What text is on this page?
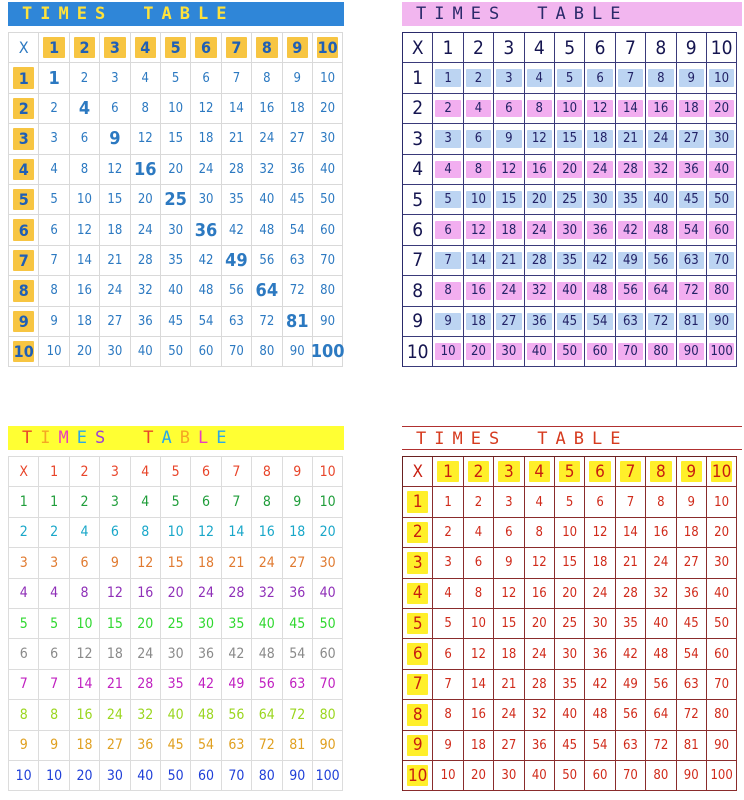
T I M E S T A B L E
X 1 2 3 4 5 6 7 8 9 10
1 1 2 3 4 5 6 7 8 9 10
2 2 4 6 8 10 12 14 16 18 20
3 3 6 9 12 15 18 21 24 27 30
4 4 8 12 16 20 24 28 32 36 40
5 5 10 15 20 25 30 35 40 45 50
6 6 12 18 24 30 36 42 48 54 60
7 7 14 21 28 35 42 49 56 63 70
8 8 16 24 32 40 48 56 64 72 80
9 9 18 27 36 45 54 63 72 81 90
10 10 20 30 40 50 60 70 80 90 100
T I M E S T A B L E
X 1 2 3 4 5 6 7 8 9 10
1 1 2 3 4 5 6 7 8 9 10
2 2 4 6 8 10 12 14 16 18 20
3 3 6 9 12 15 18 21 24 27 30
4 4 8 12 16 20 24 28 32 36 40
5 5 10 15 20 25 30 35 40 45 50
6 6 12 18 24 30 36 42 48 54 60
7 7 14 21 28 35 42 49 56 63 70
8 8 16 24 32 40 48 56 64 72 80
9 9 18 27 36 45 54 63 72 81 90
10 10 20 30 40 50 60 70 80 90 100
T I M E S T A B L E
X 1 2 3 4 5 6 7 8 9 10
1 1 2 3 4 5 6 7 8 9 10
2 2 4 6 8 10 12 14 16 18 20
3 3 6 9 12 15 18 21 24 27 30
4 4 8 12 16 20 24 28 32 36 40
5 5 10 15 20 25 30 35 40 45 50
6 6 12 18 24 30 36 42 48 54 60
7 7 14 21 28 35 42 49 56 63 70
8 8 16 24 32 40 48 56 64 72 80
9 9 18 27 36 45 54 63 72 81 90
10 10 20 30 40 50 60 70 80 90 100
T I M E S T A B L E
X 1 2 3 4 5 6 7 8 9 10
1 1 2 3 4 5 6 7 8 9 10
2 2 4 6 8 10 12 14 16 18 20
3 3 6 9 12 15 18 21 24 27 30
4 4 8 12 16 20 24 28 32 36 40
5 5 10 15 20 25 30 35 40 45 50
6 6 12 18 24 30 36 42 48 54 60
7 7 14 21 28 35 42 49 56 63 70
8 8 16 24 32 40 48 56 64 72 80
9 9 18 27 36 45 54 63 72 81 90
10 10 20 30 40 50 60 70 80 90 100
